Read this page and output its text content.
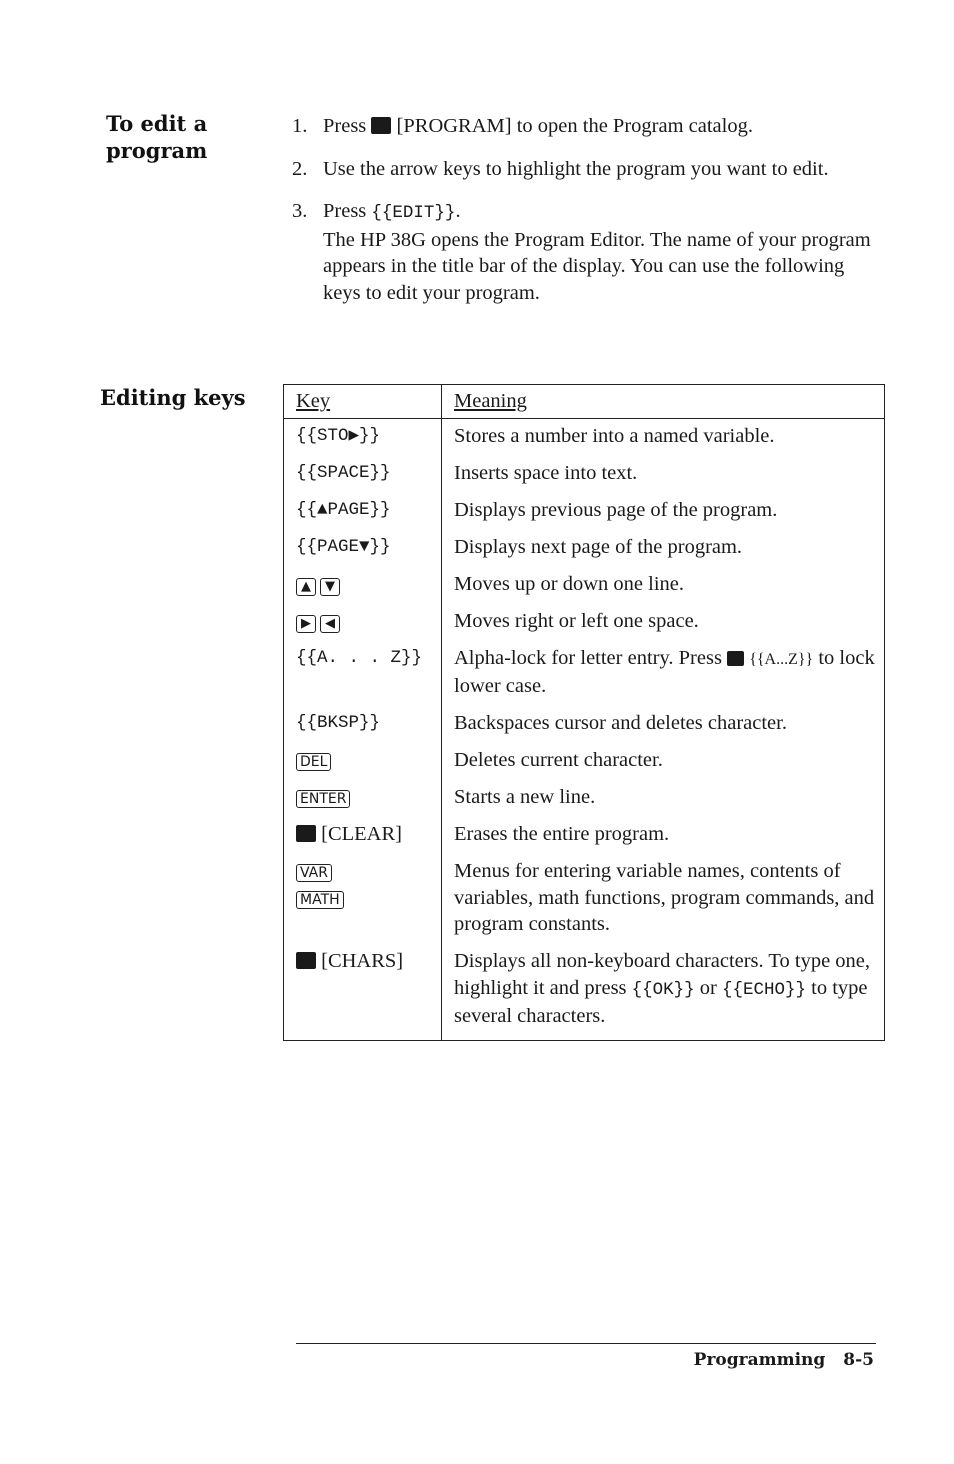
To edit a program
1. Press [PROGRAM] to open the Program catalog.
2. Use the arrow keys to highlight the program you want to edit.
3. Press {{EDIT}}.
The HP 38G opens the Program Editor. The name of your program appears in the title bar of the display. You can use the following keys to edit your program.
Editing keys	Key	Meaning
{{STO▶}}	Stores a number into a named variable.
{{SPACE}}	Inserts space into text.
{{▲PAGE}}	Displays previous page of the program.
{{PAGE▼}}	Displays next page of the program.
▲ ▼	Moves up or down one line.
▶ ◀	Moves right or left one space.
{{A. . . Z}}	Alpha-lock for letter entry. Press {{A...Z}} to lock lower case.
{{BKSP}}	Backspaces cursor and deletes character.
DEL	Deletes current character.
ENTER	Starts a new line.
[CLEAR]	Erases the entire program.
VAR
MATH	Menus for entering variable names, contents of variables, math functions, program commands, and program constants.
[CHARS]	Displays all non-keyboard characters. To type one, highlight it and press {{OK}} or {{ECHO}} to type several characters.
Programming 8-5
